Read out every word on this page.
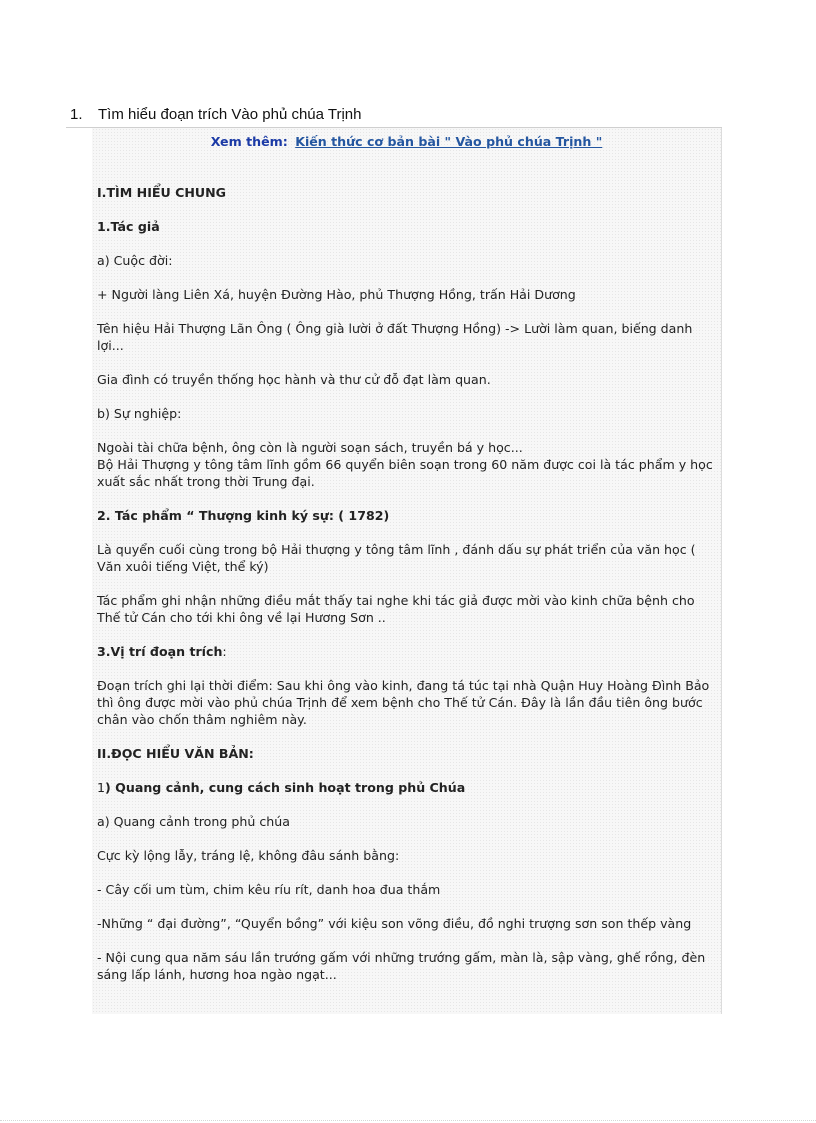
1.	Tìm hiểu đoạn trích Vào phủ chúa Trịnh

Xem thêm: Kiến thức cơ bản bài " Vào phủ chúa Trịnh "

I.TÌM HIỂU CHUNG

1.Tác giả

a) Cuộc đời:

+ Người làng Liên Xá, huyện Đường Hào, phủ Thượng Hồng, trấn Hải Dương

Tên hiệu Hải Thượng Lãn Ông ( Ông già lười ở đất Thượng Hồng) -> Lười làm quan, biếng danh lợi...

Gia đình có truyền thống học hành và thư cử đỗ đạt làm quan.

b) Sự nghiệp:

Ngoài tài chữa bệnh, ông còn là người soạn sách, truyền bá y học...

Bộ Hải Thượng y tông tâm lĩnh gồm 66 quyển biên soạn trong 60 năm được coi là tác phẩm y học xuất sắc nhất trong thời Trung đại.

2. Tác phẩm “ Thượng kinh ký sự: ( 1782)

Là quyển cuối cùng trong bộ Hải thượng y tông tâm lĩnh , đánh dấu sự phát triển của văn học ( Văn xuôi tiếng Việt, thể ký)

Tác phẩm ghi nhận những điều mắt thấy tai nghe khi tác giả được mời vào kinh chữa bệnh cho Thế tử Cán cho tới khi ông về lại Hương Sơn ..

3.Vị trí đoạn trích:

Đoạn trích ghi lại thời điểm: Sau khi ông vào kinh, đang tá túc tại nhà Quận Huy Hoàng Đình Bảo thì ông được mời vào phủ chúa Trịnh để xem bệnh cho Thế tử Cán. Đây là lần đầu tiên ông bước chân vào chốn thâm nghiêm này.

II.ĐỌC HIỂU VĂN BẢN:

1) Quang cảnh, cung cách sinh hoạt trong phủ Chúa

a) Quang cảnh trong phủ chúa

Cực kỳ lộng lẫy, tráng lệ, không đâu sánh bằng:

- Cây cối um tùm, chim kêu ríu rít, danh hoa đua thắm

-Những “ đại đường”, “Quyển bồng” với kiệu son võng điều, đồ nghi trượng sơn son thếp vàng

- Nội cung qua năm sáu lần trướng gấm với những trướng gấm, màn là, sập vàng, ghế rồng, đèn sáng lấp lánh, hương hoa ngào ngạt...
